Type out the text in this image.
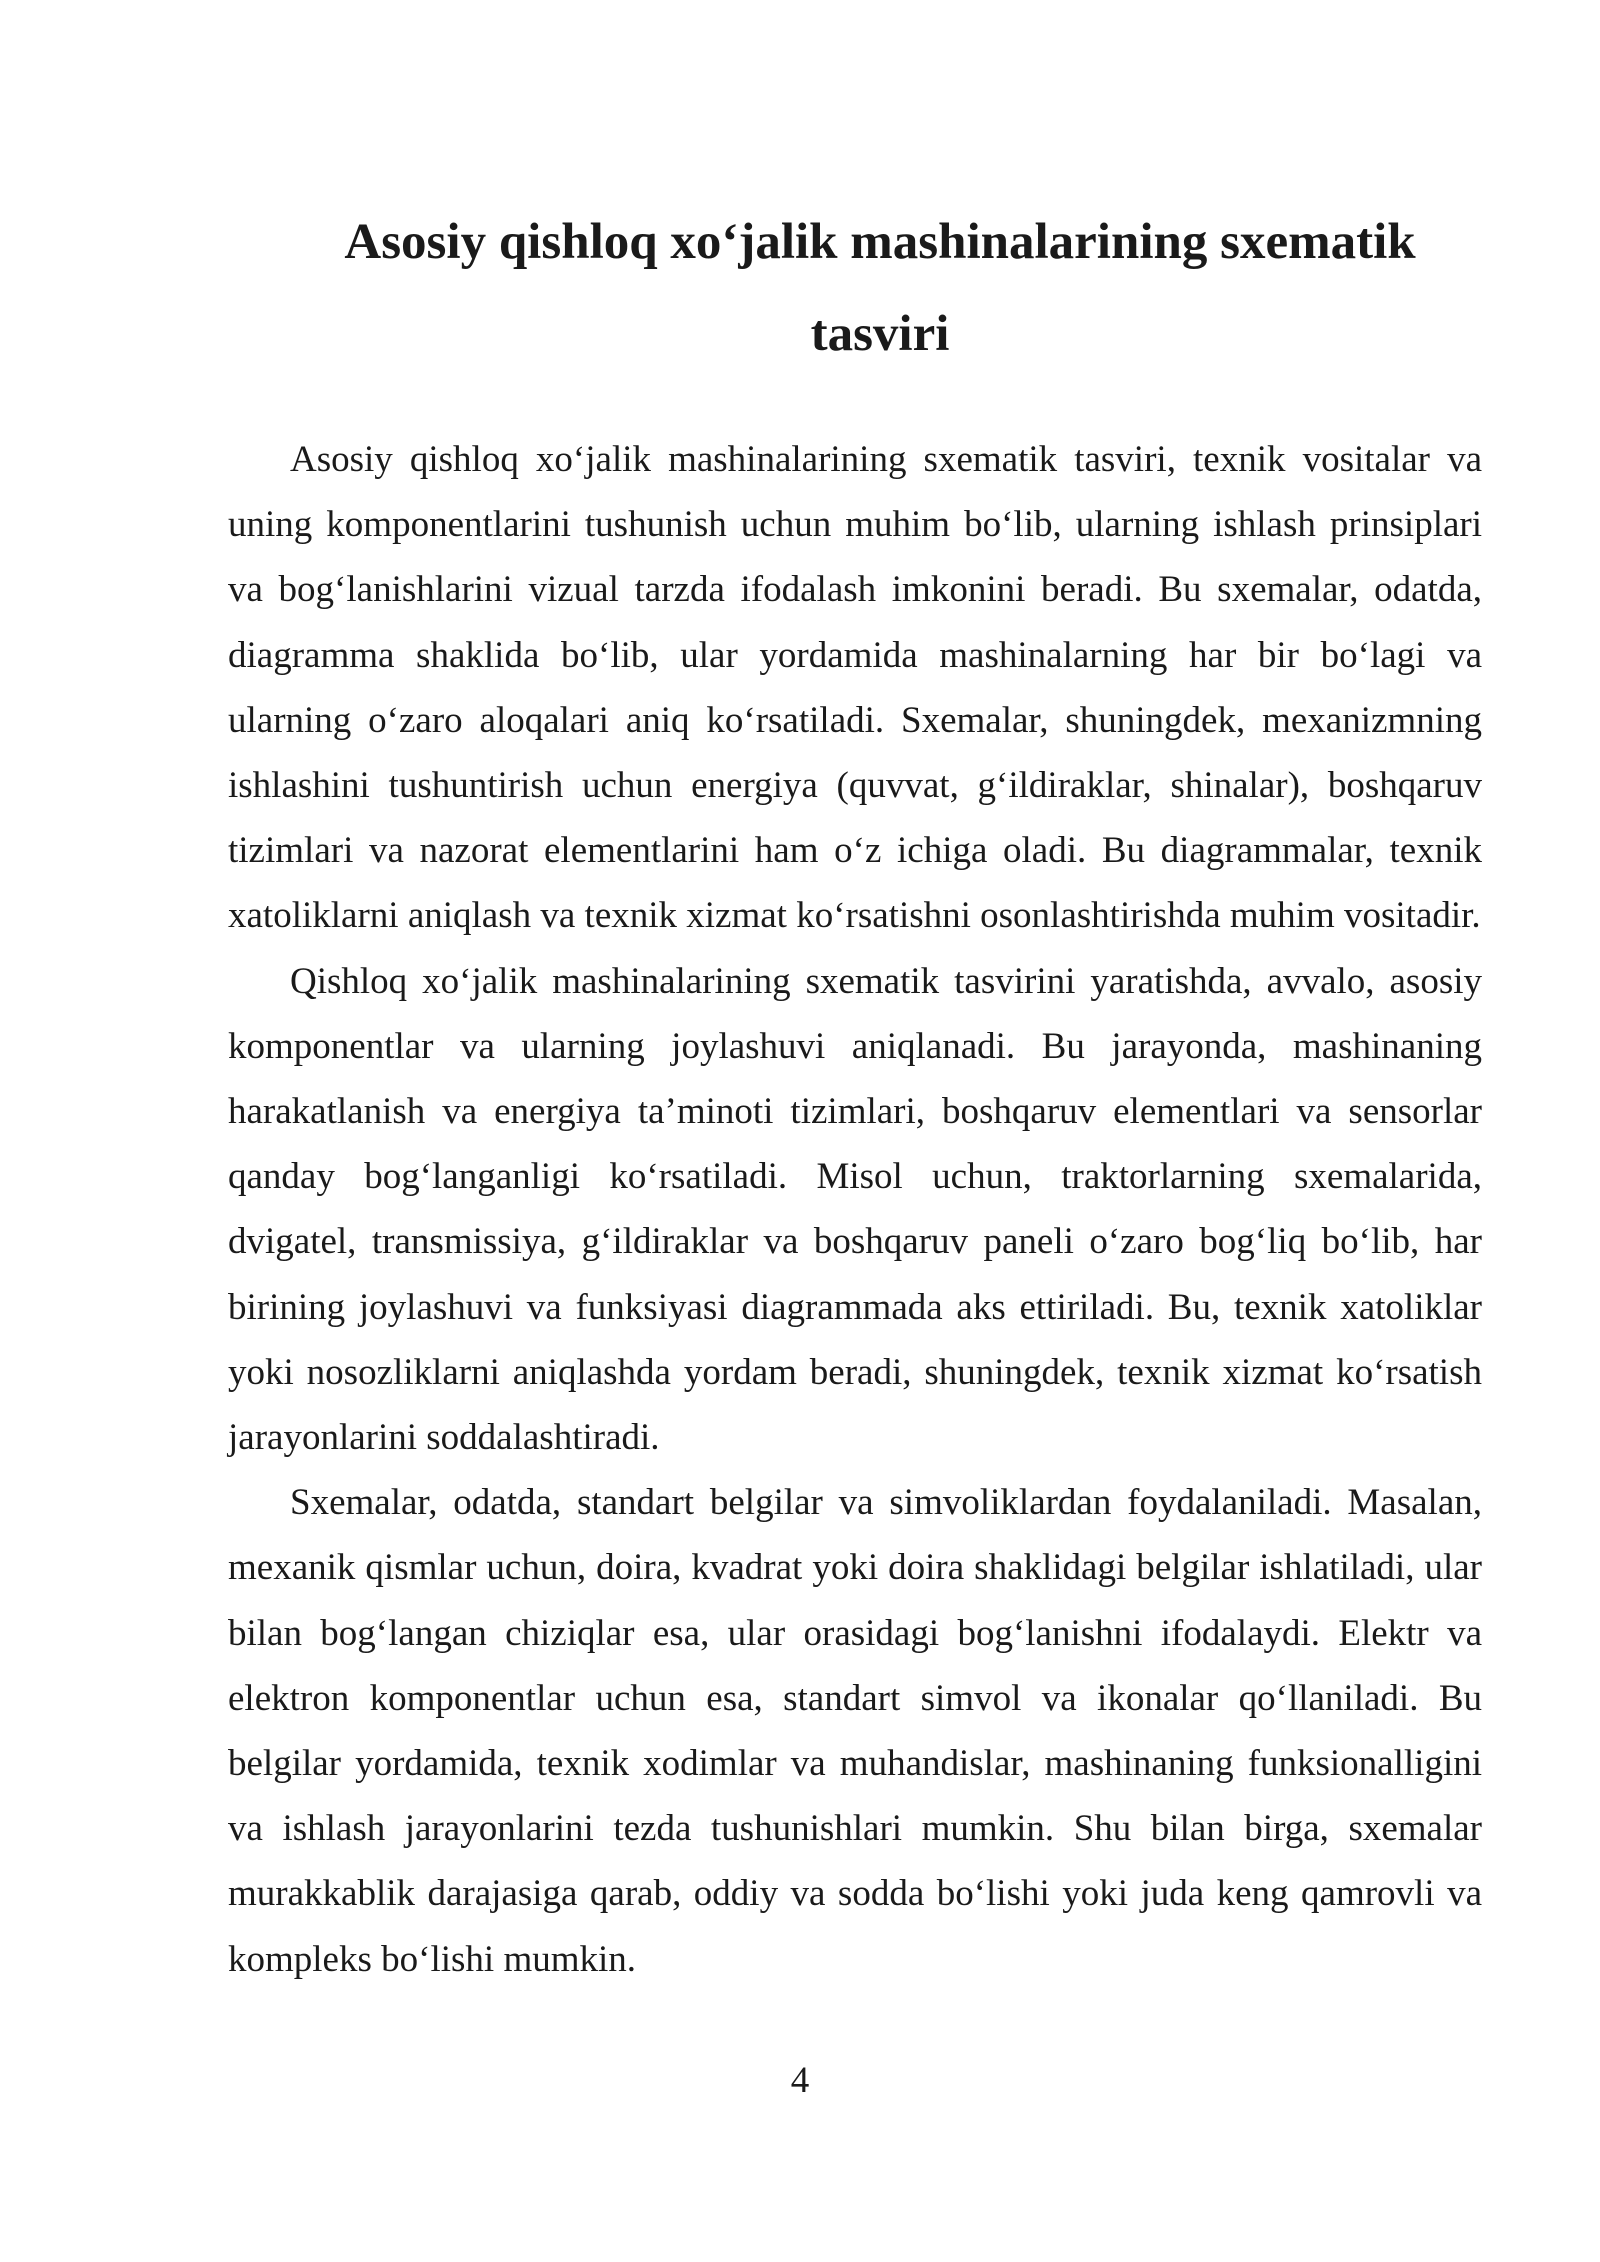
Asosiy qishloq xo‘jalik mashinalarining sxematik tasviri

Asosiy qishloq xo‘jalik mashinalarining sxematik tasviri, texnik vositalar va uning komponentlarini tushunish uchun muhim bo‘lib, ularning ishlash prinsiplari va bog‘lanishlarini vizual tarzda ifodalash imkonini beradi. Bu sxemalar, odatda, diagramma shaklida bo‘lib, ular yordamida mashinalarning har bir bo‘lagi va ularning o‘zaro aloqalari aniq ko‘rsatiladi. Sxemalar, shuningdek, mexanizmning ishlashini tushuntirish uchun energiya (quvvat, g‘ildiraklar, shinalar), boshqaruv tizimlari va nazorat elementlarini ham o‘z ichiga oladi. Bu diagrammalar, texnik xatoliklarni aniqlash va texnik xizmat ko‘rsatishni osonlashtirishda muhim vositadir.

Qishloq xo‘jalik mashinalarining sxematik tasvirini yaratishda, avvalo, asosiy komponentlar va ularning joylashuvi aniqlanadi. Bu jarayonda, mashinaning harakatlanish va energiya ta’minoti tizimlari, boshqaruv elementlari va sensorlar qanday bog‘langanligi ko‘rsatiladi. Misol uchun, traktorlarning sxemalarida, dvigatel, transmissiya, g‘ildiraklar va boshqaruv paneli o‘zaro bog‘liq bo‘lib, har birining joylashuvi va funksiyasi diagrammada aks ettiriladi. Bu, texnik xatoliklar yoki nosozliklarni aniqlashda yordam beradi, shuningdek, texnik xizmat ko‘rsatish jarayonlarini soddalashtiradi.

Sxemalar, odatda, standart belgilar va simvoliklardan foydalaniladi. Masalan, mexanik qismlar uchun, doira, kvadrat yoki doira shaklidagi belgilar ishlatiladi, ular bilan bog‘langan chiziqlar esa, ular orasidagi bog‘lanishni ifodalaydi. Elektr va elektron komponentlar uchun esa, standart simvol va ikonalar qo‘llaniladi. Bu belgilar yordamida, texnik xodimlar va muhandislar, mashinaning funksionalligini va ishlash jarayonlarini tezda tushunishlari mumkin. Shu bilan birga, sxemalar murakkablik darajasiga qarab, oddiy va sodda bo‘lishi yoki juda keng qamrovli va kompleks bo‘lishi mumkin.

4
